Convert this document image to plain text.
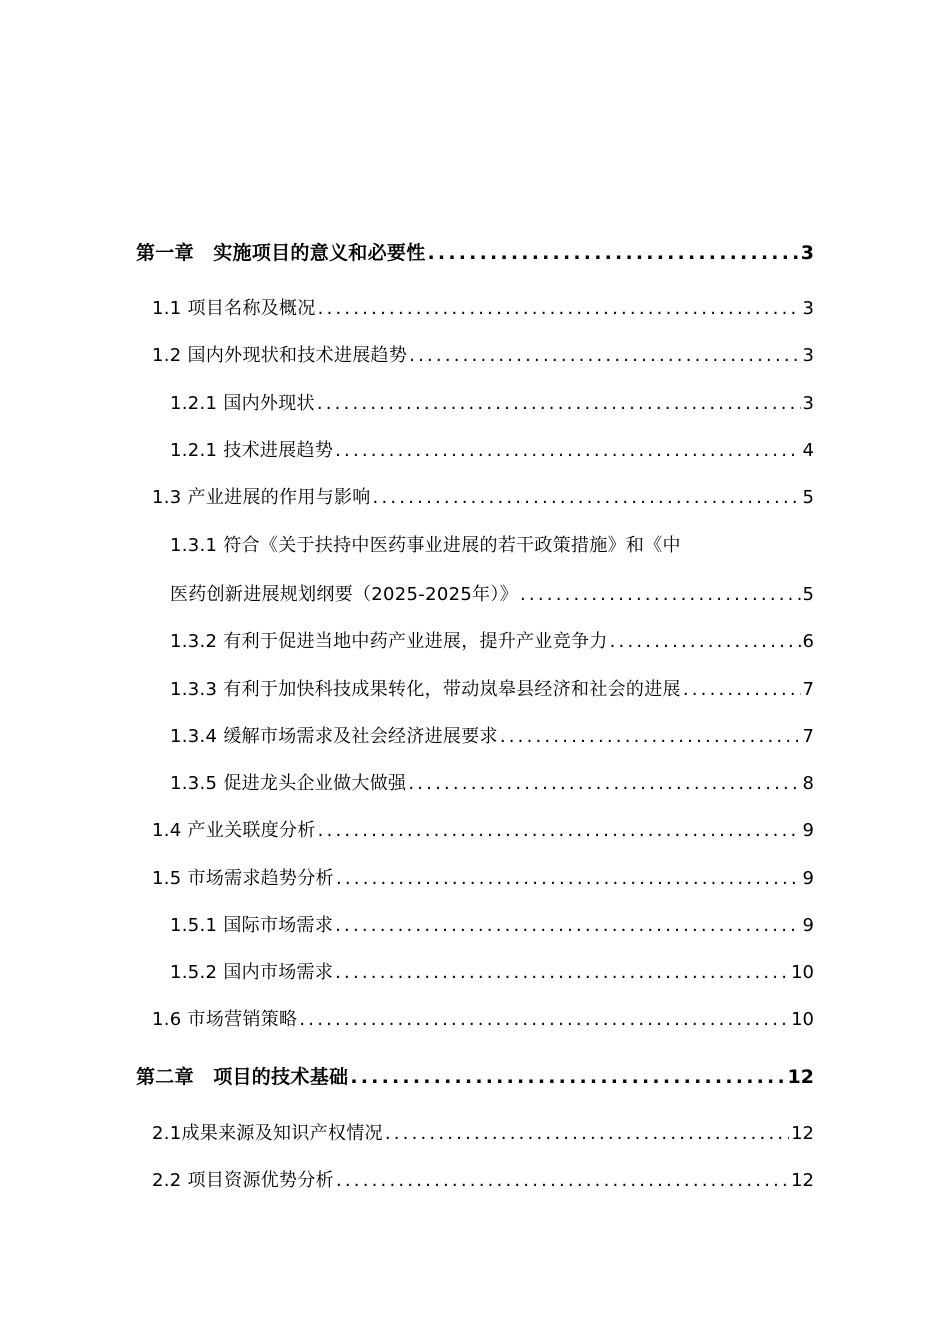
第一章　实施项目的意义和必要性 .....	3
1.1 项目名称及概况 .....	3
1.2 国内外现状和技术进展趋势 .....	3
1.2.1 国内外现状 .....	3
1.2.1 技术进展趋势 .....	4
1.3 产业进展的作用与影响 .....	5
1.3.1 符合《关于扶持中医药事业进展的若干政策措施》和《中
医药创新进展规划纲要（2025-2025年）》 .....	5
1.3.2 有利于促进当地中药产业进展，提升产业竞争力 .....	6
1.3.3 有利于加快科技成果转化，带动岚皋县经济和社会的进展 .....	7
1.3.4 缓解市场需求及社会经济进展要求 .....	7
1.3.5 促进龙头企业做大做强 .....	8
1.4 产业关联度分析 .....	9
1.5 市场需求趋势分析 .....	9
1.5.1 国际市场需求 .....	9
1.5.2 国内市场需求 .....	10
1.6 市场营销策略 .....	10
第二章　项目的技术基础 .....	12
2.1成果来源及知识产权情况 .....	12
2.2 项目资源优势分析 .....	12
